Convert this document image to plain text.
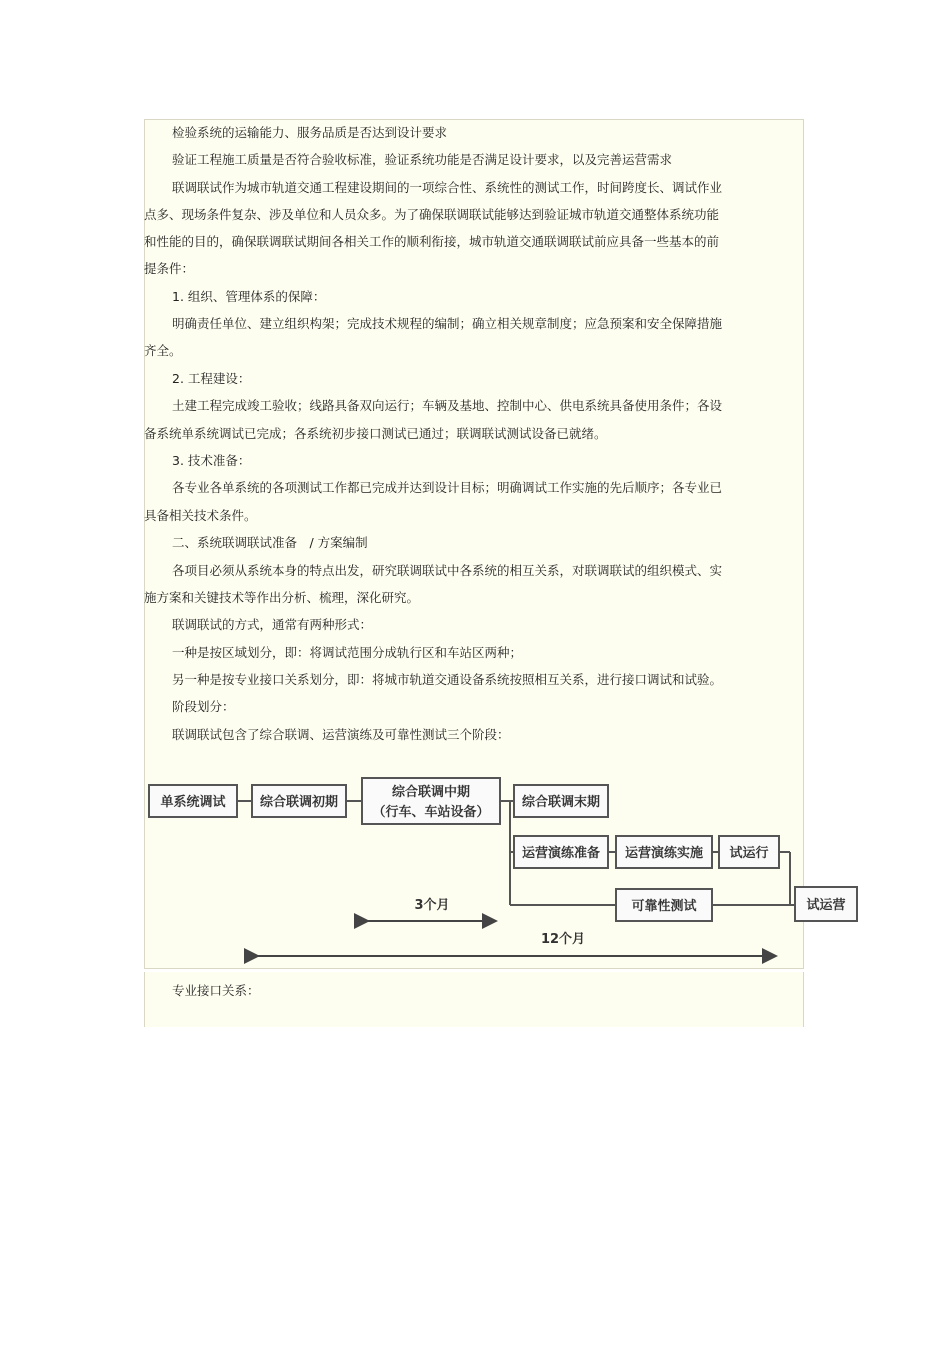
检验系统的运输能力、服务品质是否达到设计要求
验证工程施工质量是否符合验收标准，验证系统功能是否满足设计要求，以及完善运营需求
联调联试作为城市轨道交通工程建设期间的一项综合性、系统性的测试工作，时间跨度长、调试作业
点多、现场条件复杂、涉及单位和人员众多。为了确保联调联试能够达到验证城市轨道交通整体系统功能
和性能的目的，确保联调联试期间各相关工作的顺利衔接，城市轨道交通联调联试前应具备一些基本的前
提条件：
1. 组织、管理体系的保障：
明确责任单位、建立组织构架；完成技术规程的编制；确立相关规章制度；应急预案和安全保障措施
齐全。
2. 工程建设：
土建工程完成竣工验收；线路具备双向运行；车辆及基地、控制中心、供电系统具备使用条件；各设
备系统单系统调试已完成；各系统初步接口测试已通过；联调联试测试设备已就绪。
3. 技术准备：
各专业各单系统的各项测试工作都已完成并达到设计目标；明确调试工作实施的先后顺序；各专业已
具备相关技术条件。
二、系统联调联试准备　/ 方案编制
各项目必须从系统本身的特点出发，研究联调联试中各系统的相互关系，对联调联试的组织模式、实
施方案和关键技术等作出分析、梳理，深化研究。
联调联试的方式，通常有两种形式：
一种是按区域划分，即：将调试范围分成轨行区和车站区两种；
另一种是按专业接口关系划分，即：将城市轨道交通设备系统按照相互关系，进行接口调试和试验。
阶段划分：
联调联试包含了综合联调、运营演练及可靠性测试三个阶段：
单系统调试	综合联调初期
综合联调中期
（行车、车站设备）
综合联调末期
运营演练准备 运营演练实施 试运行
可靠性测试	试运营
3个月
12个月
专业接口关系：
